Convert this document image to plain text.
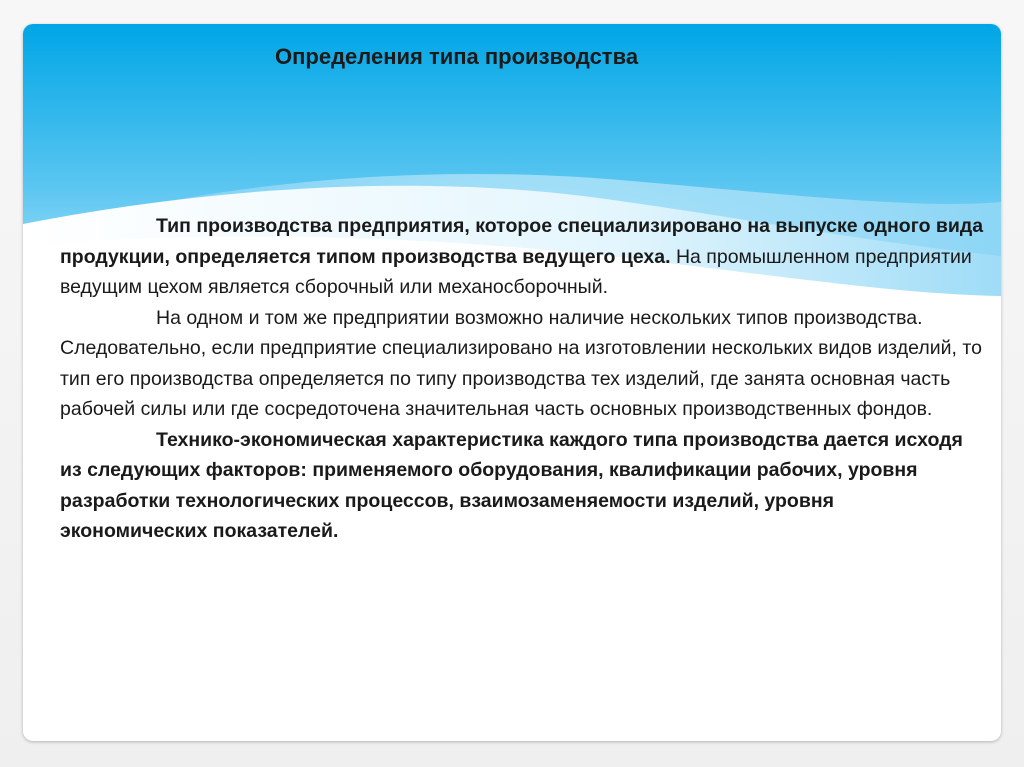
Определения типа производства

Тип производства предприятия, которое специализировано на выпуске одного вида продукции, определяется типом производства ведущего цеха. На промышленном предприятии ведущим цехом является сборочный или механосборочный.

На одном и том же предприятии возможно наличие нескольких типов производства. Следовательно, если предприятие специализировано на изготовлении нескольких видов изделий, то тип его производства определяется по типу производства тех изделий, где занята основная часть рабочей силы или где сосредоточена значительная часть основных производственных фондов.

Технико-экономическая характеристика каждого типа производства дается исходя из следующих факторов: применяемого оборудования, квалификации рабочих, уровня разработки технологических процессов, взаимозаменяемости изделий, уровня экономических показателей.
